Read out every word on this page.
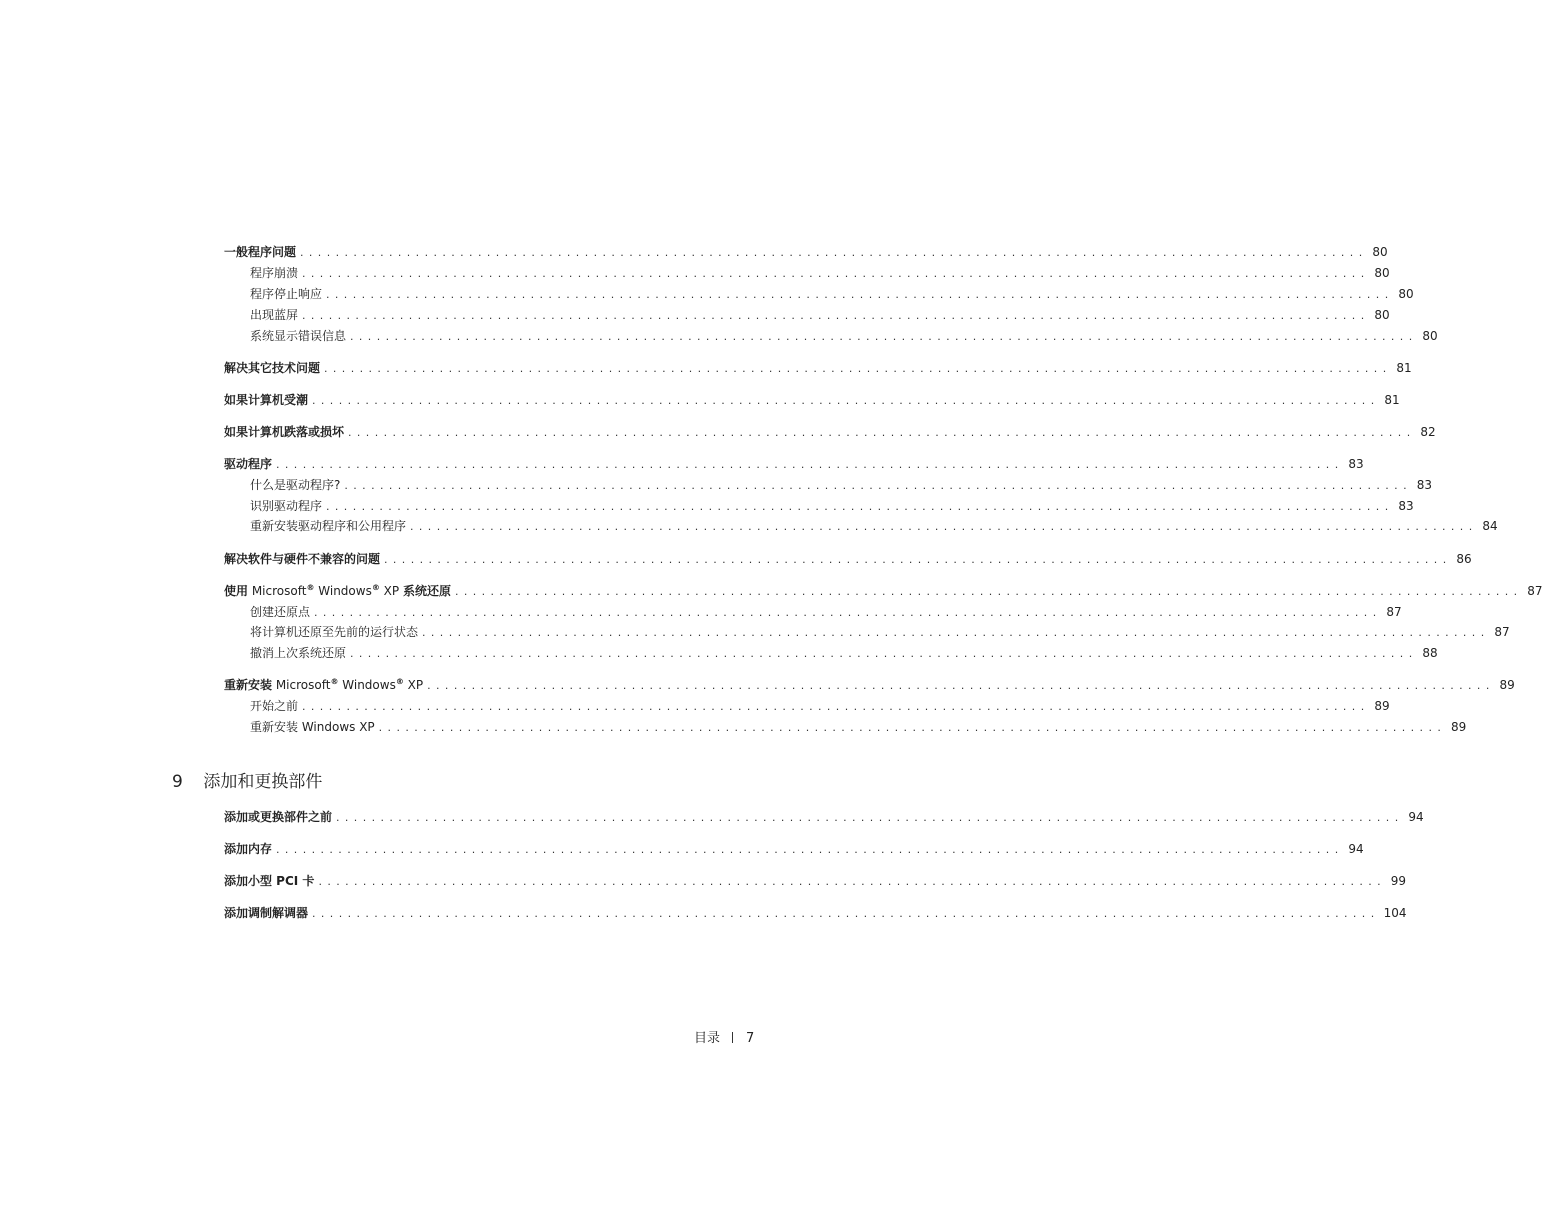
一般程序问题 ........................................................................................................................ 80
程序崩溃 ........................................................................................................................ 80
程序停止响应 ........................................................................................................................ 80
出现蓝屏 ........................................................................................................................ 80
系统显示错误信息 ........................................................................................................................ 80
解决其它技术问题 ........................................................................................................................ 81
如果计算机受潮 ........................................................................................................................ 81
如果计算机跌落或损坏 ........................................................................................................................ 82
驱动程序 ........................................................................................................................ 83
什么是驱动程序? ........................................................................................................................ 83
识别驱动程序 ........................................................................................................................ 83
重新安装驱动程序和公用程序 ........................................................................................................................ 84
解决软件与硬件不兼容的问题 ........................................................................................................................ 86
使用 Microsoft® Windows® XP 系统还原 ........................................................................................................................ 87
创建还原点 ........................................................................................................................ 87
将计算机还原至先前的运行状态 ........................................................................................................................ 87
撤消上次系统还原 ........................................................................................................................ 88
重新安装 Microsoft® Windows® XP ........................................................................................................................ 89
开始之前 ........................................................................................................................ 89
重新安装 Windows XP ........................................................................................................................ 89
9 添加和更换部件
添加或更换部件之前 ........................................................................................................................ 94
添加内存 ........................................................................................................................ 94
添加小型 PCI 卡 ........................................................................................................................ 99
添加调制解调器 ........................................................................................................................ 104
目录 7
